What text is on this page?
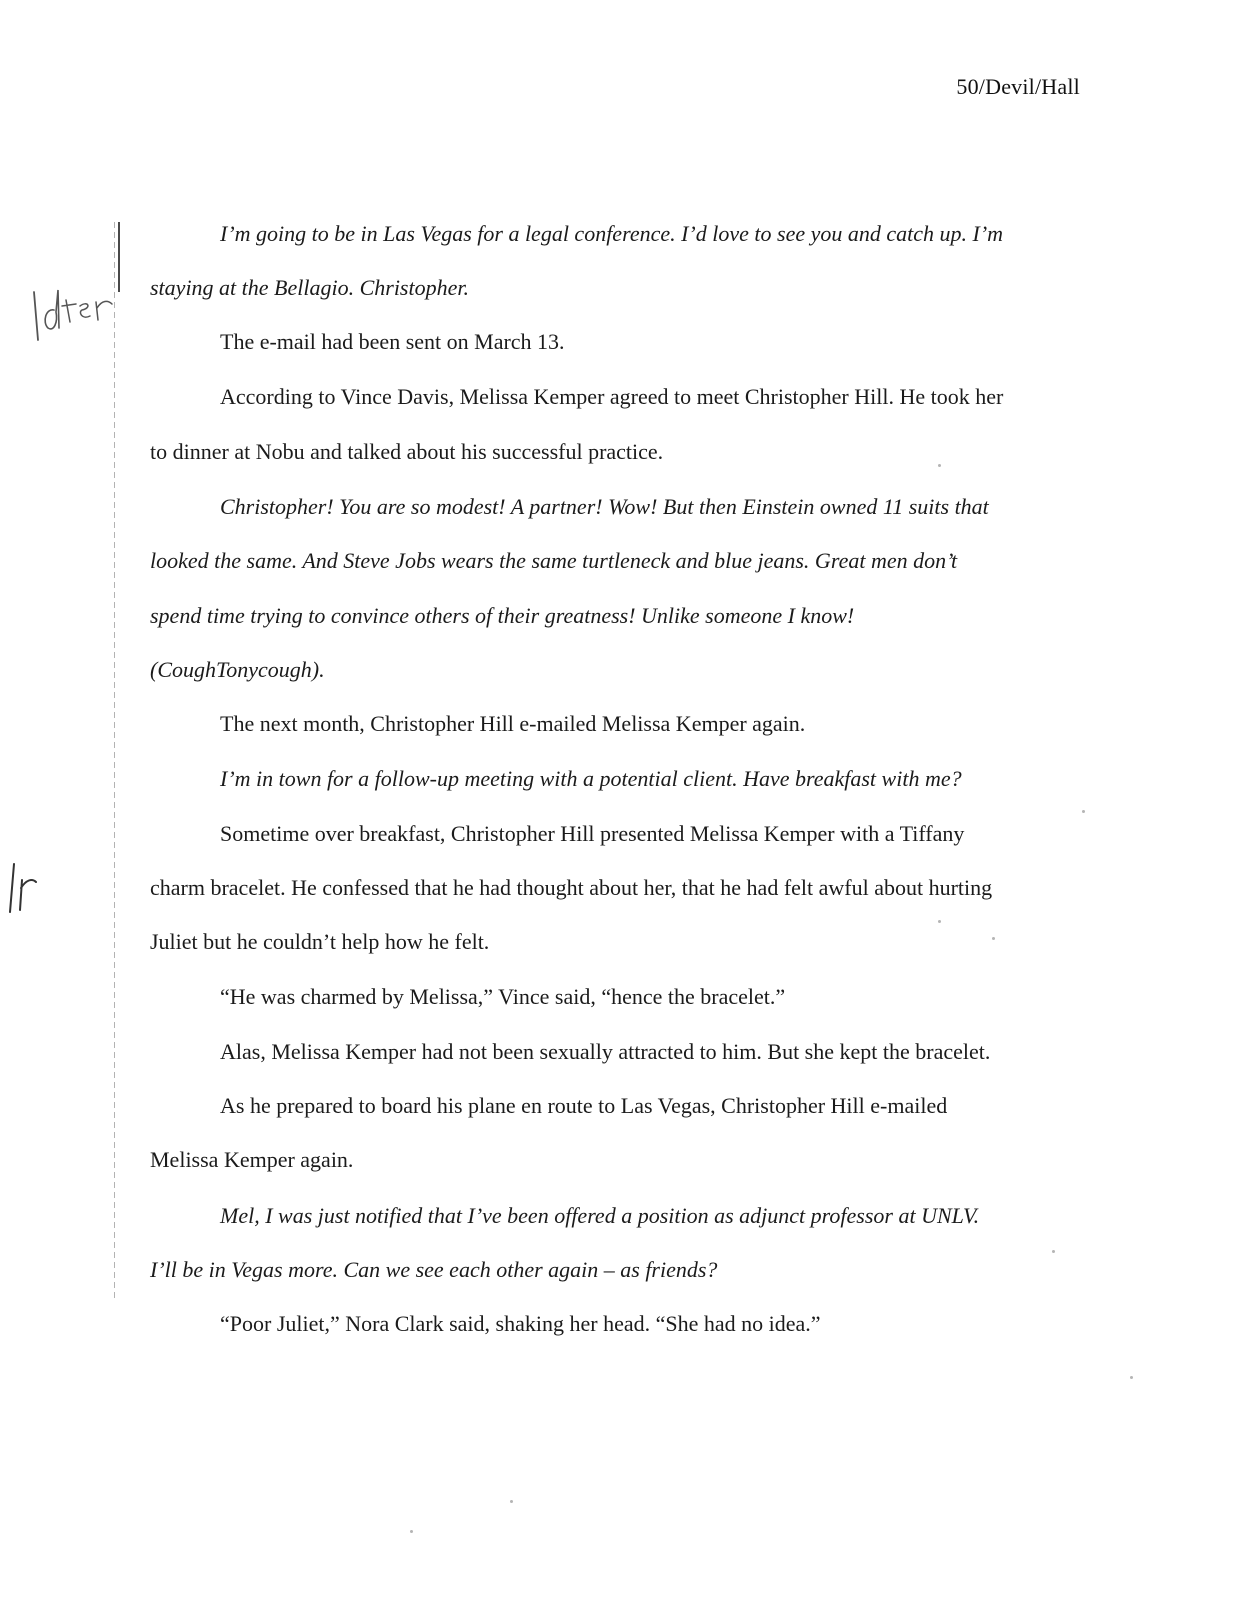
50/Devil/Hall
I’m going to be in Las Vegas for a legal conference. I’d love to see you and catch up. I’m
staying at the Bellagio. Christopher.
The e-mail had been sent on March 13.
According to Vince Davis, Melissa Kemper agreed to meet Christopher Hill. He took her
to dinner at Nobu and talked about his successful practice.
Christopher! You are so modest! A partner! Wow! But then Einstein owned 11 suits that
looked the same. And Steve Jobs wears the same turtleneck and blue jeans. Great men don’t
spend time trying to convince others of their greatness! Unlike someone I know!
(CoughTonycough).
The next month, Christopher Hill e-mailed Melissa Kemper again.
I’m in town for a follow-up meeting with a potential client. Have breakfast with me?
Sometime over breakfast, Christopher Hill presented Melissa Kemper with a Tiffany
charm bracelet. He confessed that he had thought about her, that he had felt awful about hurting
Juliet but he couldn’t help how he felt.
“He was charmed by Melissa,” Vince said, “hence the bracelet.”
Alas, Melissa Kemper had not been sexually attracted to him. But she kept the bracelet.
As he prepared to board his plane en route to Las Vegas, Christopher Hill e-mailed
Melissa Kemper again.
Mel, I was just notified that I’ve been offered a position as adjunct professor at UNLV.
I’ll be in Vegas more. Can we see each other again – as friends?
“Poor Juliet,” Nora Clark said, shaking her head. “She had no idea.”
